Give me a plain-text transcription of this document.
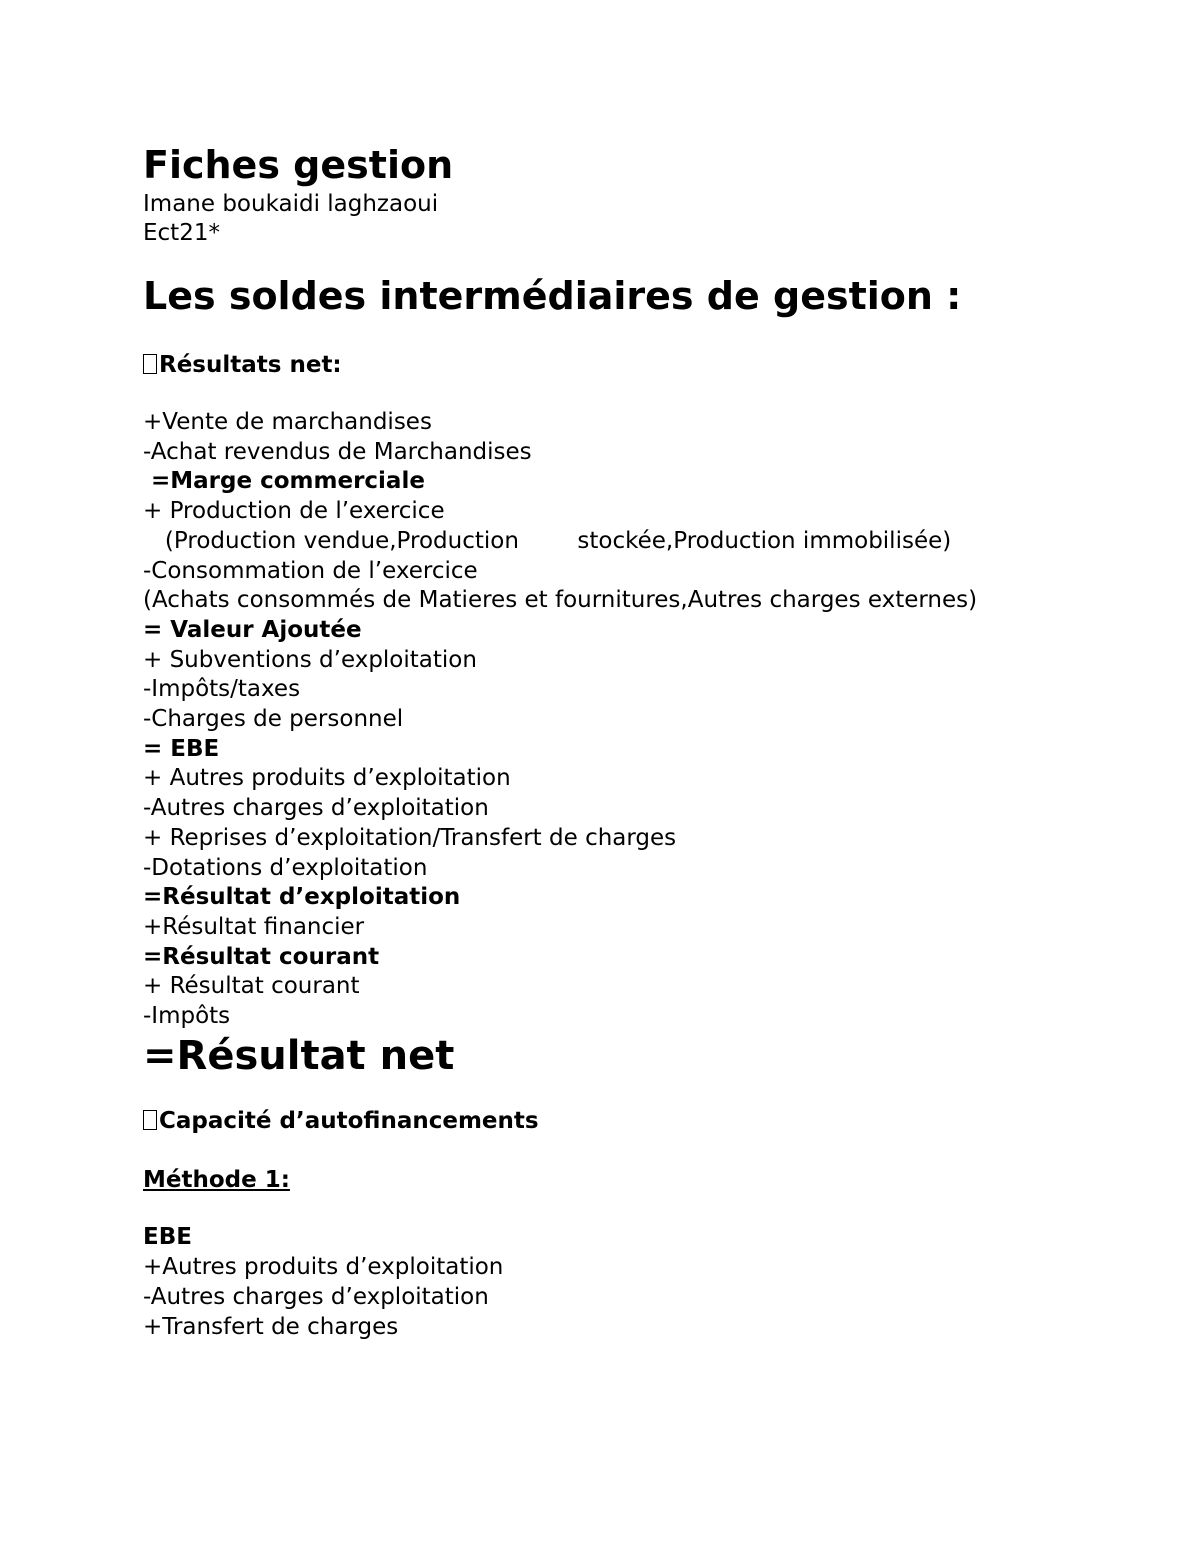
Fiches gestion

Imane boukaidi laghzaoui

Ect21*

Les soldes intermédiaires de gestion :

Résultats net:

+Vente de marchandises

-Achat revendus de Marchandises

=Marge commerciale

+ Production de l’exercice

(Production vendue,Production        stockée,Production immobilisée)

-Consommation de l’exercice

(Achats consommés de Matieres et fournitures,Autres charges externes)

= Valeur Ajoutée

+ Subventions d’exploitation

-Impôts/taxes

-Charges de personnel

= EBE

+ Autres produits d’exploitation

-Autres charges d’exploitation

+ Reprises d’exploitation/Transfert de charges

-Dotations d’exploitation

=Résultat d’exploitation

+Résultat financier

=Résultat courant

+ Résultat courant

-Impôts

=Résultat net

Capacité d’autofinancements

Méthode 1:

EBE

+Autres produits d’exploitation

-Autres charges d’exploitation

+Transfert de charges
